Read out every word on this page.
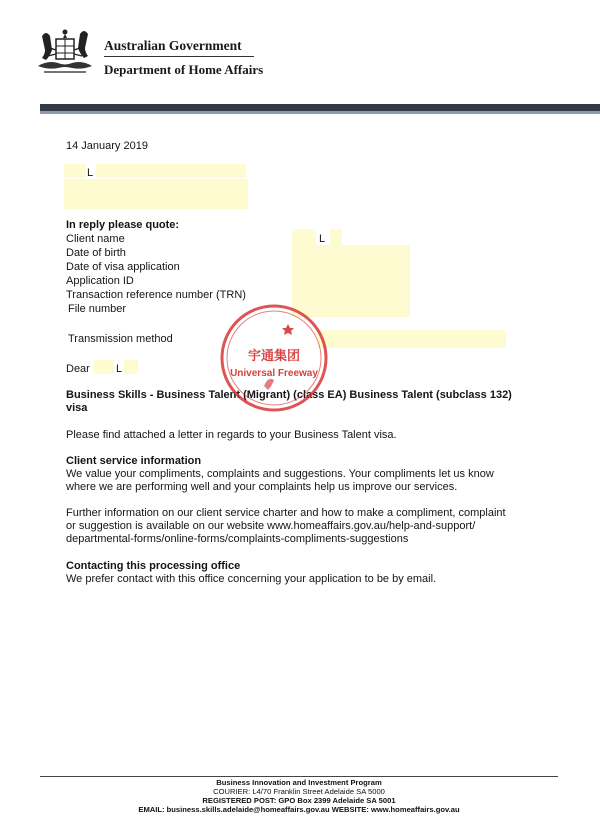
Australian Government
Department of Home Affairs
14 January 2019
L
In reply please quote:
Client name
Date of birth
Date of visa application
Application ID
Transaction reference number (TRN)
File number
Transmission method
L
Dear L
Business Skills - Business Talent (Migrant) (class EA) Business Talent (subclass 132)
visa
Please find attached a letter in regards to your Business Talent visa.
Client service information
We value your compliments, complaints and suggestions. Your compliments let us know
where we are performing well and your complaints help us improve our services.
Further information on our client service charter and how to make a compliment, complaint
or suggestion is available on our website www.homeaffairs.gov.au/help-and-support/
departmental-forms/online-forms/complaints-compliments-suggestions
Contacting this processing office
We prefer contact with this office concerning your application to be by email.
宇通集团
Universal Freeway
Business Innovation and Investment Program
COURIER: L4/70 Franklin Street Adelaide SA 5000
REGISTERED POST: GPO Box 2399 Adelaide SA 5001
EMAIL: business.skills.adelaide@homeaffairs.gov.au WEBSITE: www.homeaffairs.gov.au
